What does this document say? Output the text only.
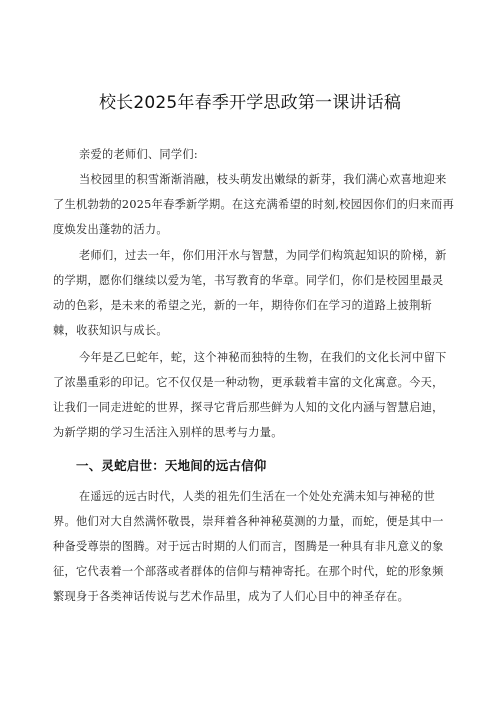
校长2025年春季开学思政第一课讲话稿
亲爱的老师们、同学们:
当校园里的积雪渐渐消融，枝头萌发出嫩绿的新芽，我们满心欢喜地迎来了生机勃勃的2025年春季新学期。在这充满希望的时刻,校园因你们的归来而再度焕发出蓬勃的活力。
老师们，过去一年，你们用汗水与智慧，为同学们构筑起知识的阶梯，新的学期，愿你们继续以爱为笔，书写教育的华章。同学们，你们是校园里最灵动的色彩，是未来的希望之光，新的一年，期待你们在学习的道路上披荆斩棘，收获知识与成长。
今年是乙巳蛇年，蛇，这个神秘而独特的生物，在我们的文化长河中留下了浓墨重彩的印记。它不仅仅是一种动物，更承载着丰富的文化寓意。今天，让我们一同走进蛇的世界，探寻它背后那些鲜为人知的文化内涵与智慧启迪，为新学期的学习生活注入别样的思考与力量。
一、灵蛇启世：天地间的远古信仰
在遥远的远古时代，人类的祖先们生活在一个处处充满未知与神秘的世界。他们对大自然满怀敬畏，崇拜着各种神秘莫测的力量，而蛇，便是其中一种备受尊崇的图腾。对于远古时期的人们而言，图腾是一种具有非凡意义的象征，它代表着一个部落或者群体的信仰与精神寄托。在那个时代，蛇的形象频繁现身于各类神话传说与艺术作品里，成为了人们心目中的神圣存在。
